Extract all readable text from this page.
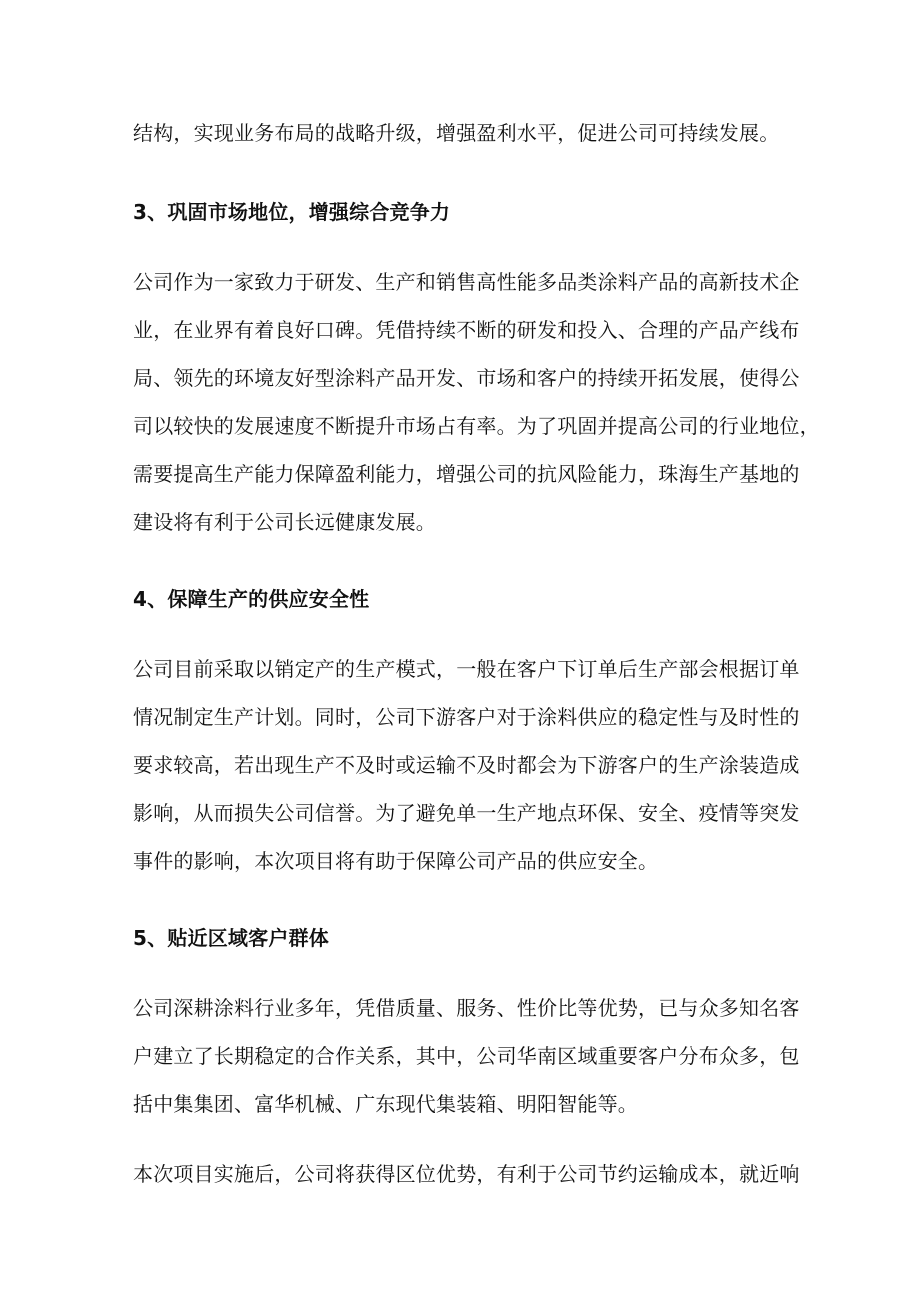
结构，实现业务布局的战略升级，增强盈利水平，促进公司可持续发展。
3、巩固市场地位，增强综合竞争力
公司作为一家致力于研发、生产和销售高性能多品类涂料产品的高新技术企
业，在业界有着良好口碑。凭借持续不断的研发和投入、合理的产品产线布
局、领先的环境友好型涂料产品开发、市场和客户的持续开拓发展，使得公
司以较快的发展速度不断提升市场占有率。为了巩固并提高公司的行业地位，
需要提高生产能力保障盈利能力，增强公司的抗风险能力，珠海生产基地的
建设将有利于公司长远健康发展。
4、保障生产的供应安全性
公司目前采取以销定产的生产模式，一般在客户下订单后生产部会根据订单
情况制定生产计划。同时，公司下游客户对于涂料供应的稳定性与及时性的
要求较高，若出现生产不及时或运输不及时都会为下游客户的生产涂装造成
影响，从而损失公司信誉。为了避免单一生产地点环保、安全、疫情等突发
事件的影响，本次项目将有助于保障公司产品的供应安全。
5、贴近区域客户群体
公司深耕涂料行业多年，凭借质量、服务、性价比等优势，已与众多知名客
户建立了长期稳定的合作关系，其中，公司华南区域重要客户分布众多，包
括中集集团、富华机械、广东现代集装箱、明阳智能等。
本次项目实施后，公司将获得区位优势，有利于公司节约运输成本，就近响
